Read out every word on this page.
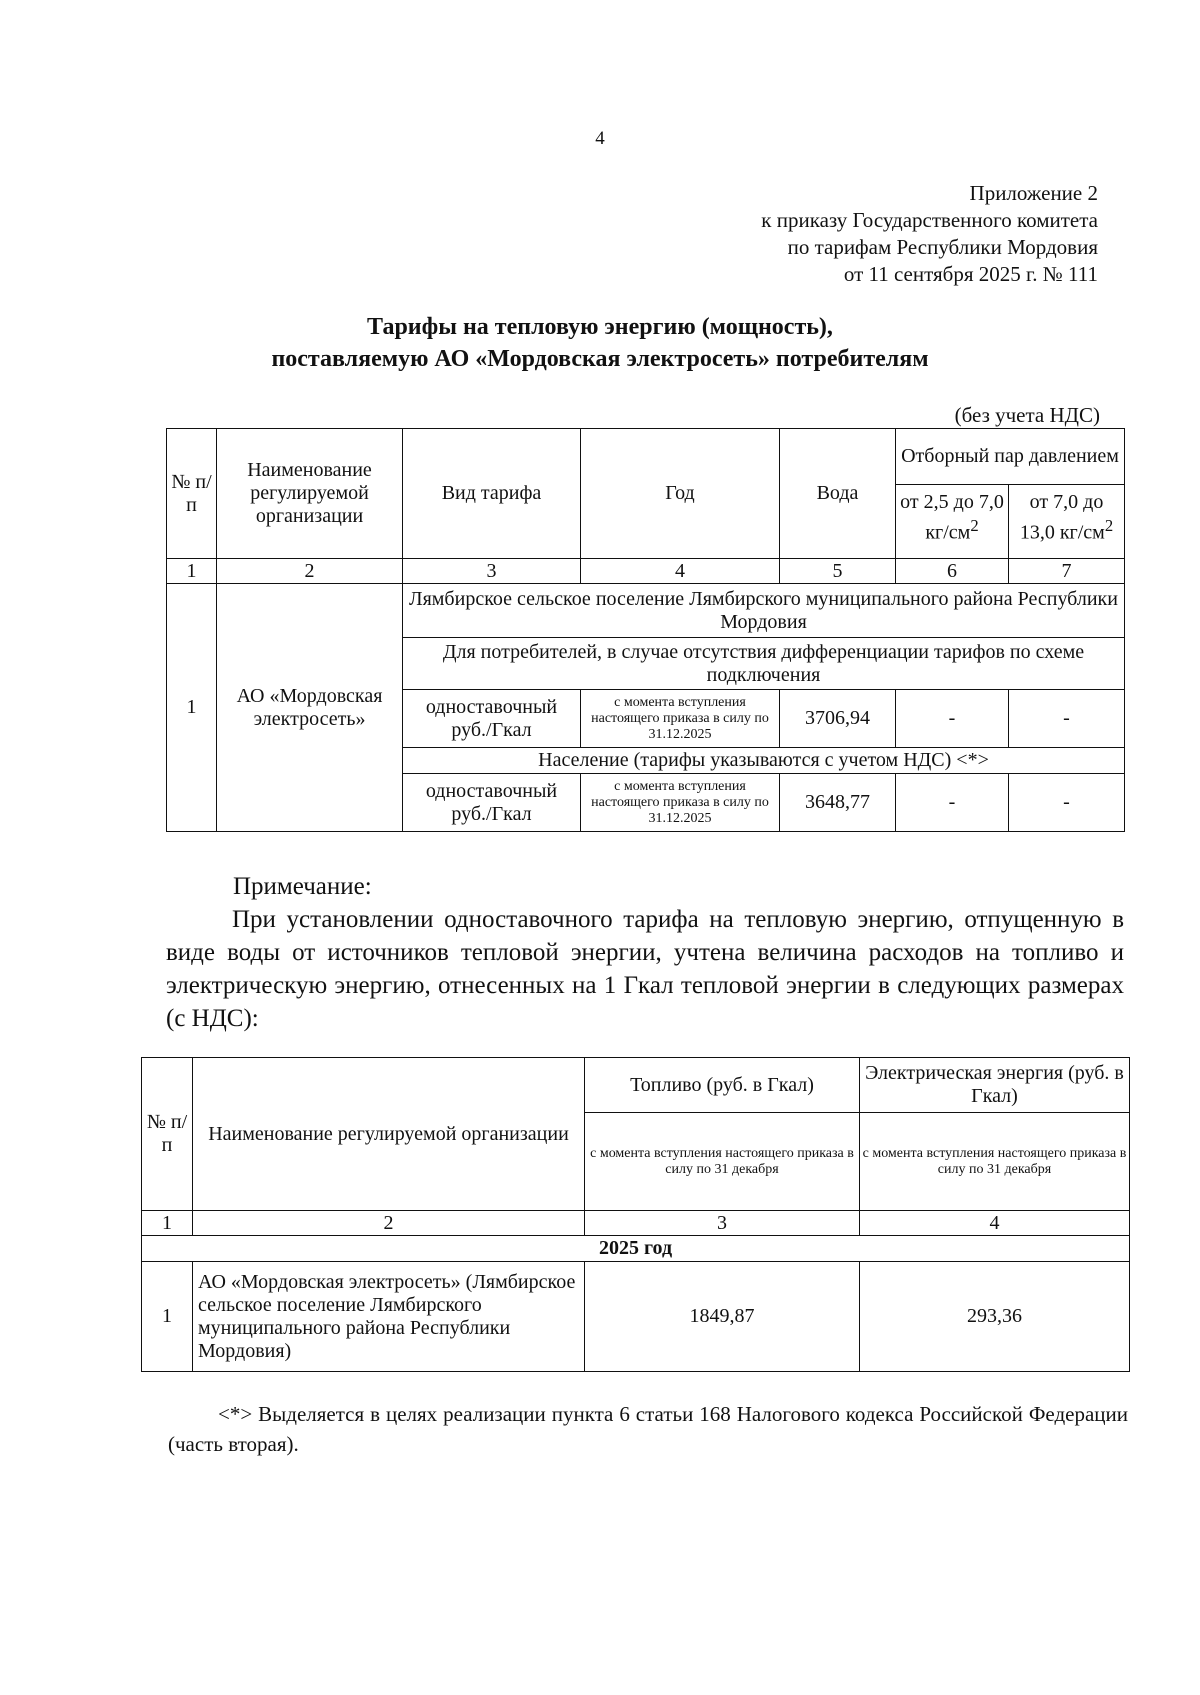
4
Приложение 2
к приказу Государственного комитета
по тарифам Республики Мордовия
от 11 сентября 2025 г. № 111
Тарифы на тепловую энергию (мощность),
поставляемую АО «Мордовская электросеть» потребителям
(без учета НДС)
№ п/п	Наименование регулируемой организации	Вид тарифа	Год	Вода	Отборный пар давлением	
					от 2,5 до 7,0 $кг/см^2$	от 7,0 до 13,0 $кг/см^2$
1	2	3	4	5	6	7
1	АО «Мордовская электросеть»	Лямбирское сельское поселение Лямбирского муниципального района Республики Мордовия				
		Для потребителей, в случае отсутствия дифференциации тарифов по схеме подключения				
		одноставочный руб./Гкал	с момента вступления настоящего приказа в силу по 31.12.2025	3706,94	-	-
		Население (тарифы указываются с учетом НДС) <*>				
		одноставочный руб./Гкал	с момента вступления настоящего приказа в силу по 31.12.2025	3648,77	-	-
Примечание:

При установлении одноставочного тарифа на тепловую энергию, отпущенную в виде воды от источников тепловой энергии, учтена величина расходов на топливо и электрическую энергию, отнесенных на 1 Гкал тепловой энергии в следующих размерах (с НДС):

№ п/п	Наименование регулируемой организации	Топливо (руб. в Гкал)	Электрическая энергия (руб. в Гкал)
		с момента вступления настоящего приказа в силу по 31 декабря	с момента вступления настоящего приказа в силу по 31 декабря
1	2	3	4
2025 год			
1	АО «Мордовская электросеть» (Лямбирское сельское поселение Лямбирского муниципального района Республики Мордовия)	1849,87	293,36

<*> Выделяется в целях реализации пункта 6 статьи 168 Налогового кодекса Российской Федерации (часть вторая).
